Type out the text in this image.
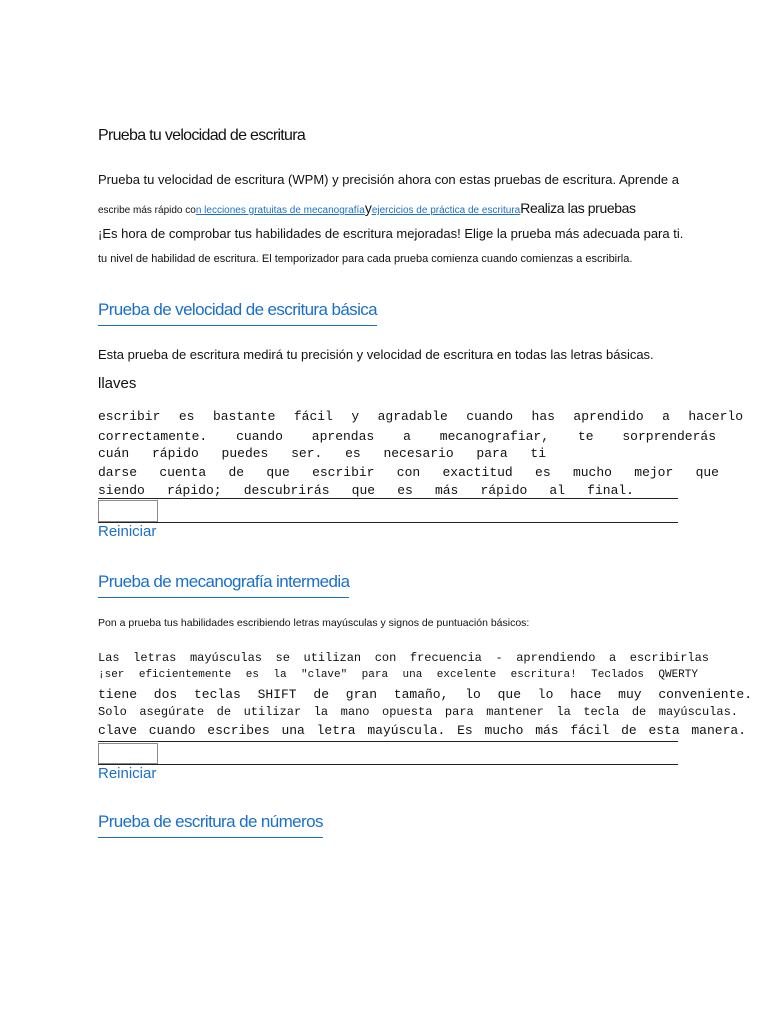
Prueba tu velocidad de escritura
Prueba tu velocidad de escritura (WPM) y precisión ahora con estas pruebas de escritura. Aprende a
escribe más rápido con lecciones gratuitas de mecanografíayejercicios de práctica de escrituraRealiza las pruebas
¡Es hora de comprobar tus habilidades de escritura mejoradas! Elige la prueba más adecuada para ti.
tu nivel de habilidad de escritura. El temporizador para cada prueba comienza cuando comienzas a escribirla.
Prueba de velocidad de escritura básica
Esta prueba de escritura medirá tu precisión y velocidad de escritura en todas las letras básicas.
llaves
escribir es bastante fácil y agradable cuando has aprendido a hacerlo
correctamente. cuando aprendas a mecanografiar, te sorprenderás
cuán rápido puedes ser. es necesario para ti
darse cuenta de que escribir con exactitud es mucho mejor que
siendo rápido; descubrirás que es más rápido al final.
Reiniciar
Prueba de mecanografía intermedia
Pon a prueba tus habilidades escribiendo letras mayúsculas y signos de puntuación básicos:
Las letras mayúsculas se utilizan con frecuencia - aprendiendo a escribirlas
¡ser eficientemente es la "clave" para una excelente escritura! Teclados QWERTY
tiene dos teclas SHIFT de gran tamaño, lo que lo hace muy conveniente.
Solo asegúrate de utilizar la mano opuesta para mantener la tecla de mayúsculas.
clave cuando escribes una letra mayúscula. Es mucho más fácil de esta manera.
Reiniciar
Prueba de escritura de números
